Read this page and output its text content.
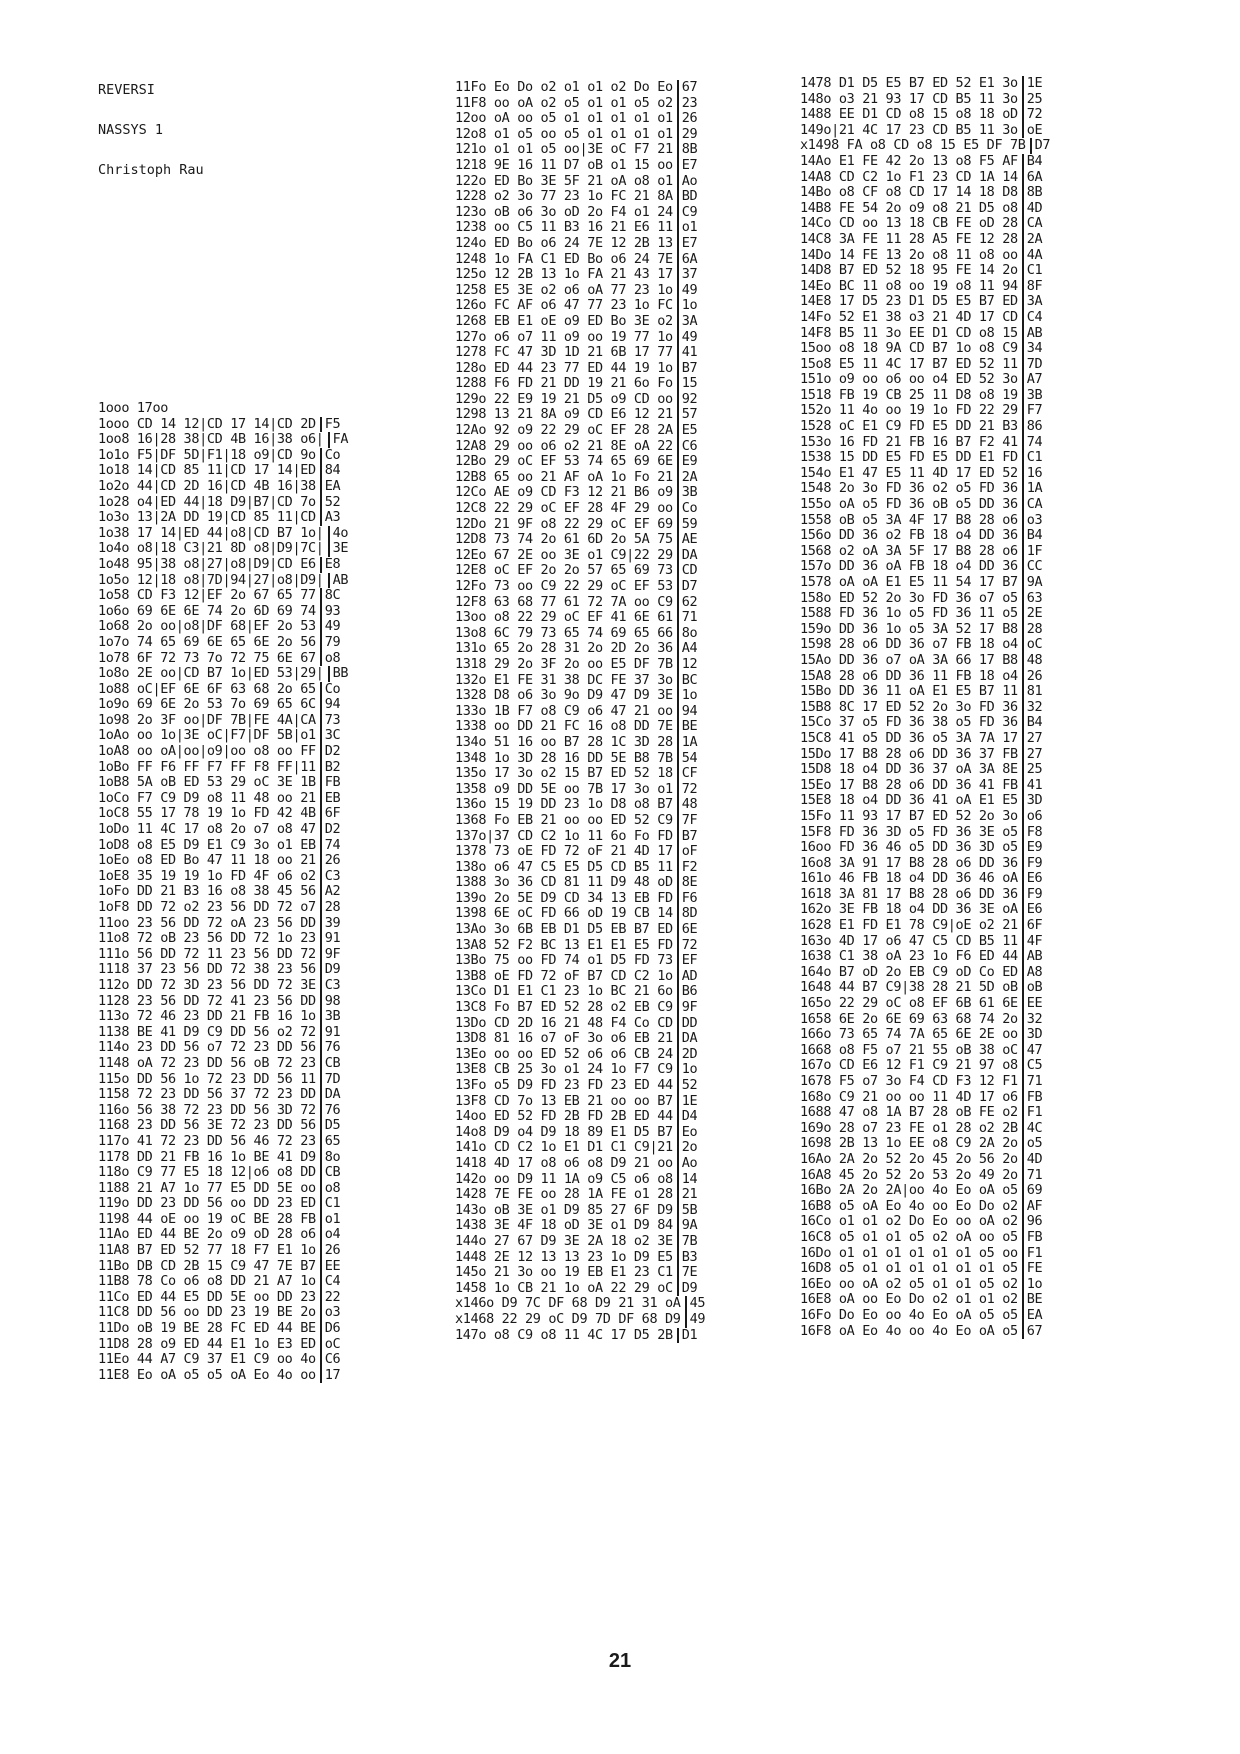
REVERSI
NASSYS 1
Christoph Rau
1ooo 17oo
1ooo CD 14 12|CD 17 14|CD 2D F5
1oo8 16|28 38|CD 4B 16|38 o6| FA
1o1o F5|DF 5D|F1|18 o9|CD 9o Co
1o18 14|CD 85 11|CD 17 14|ED 84
1o2o 44|CD 2D 16|CD 4B 16|38 EA
1o28 o4|ED 44|18 D9|B7|CD 7o 52
1o3o 13|2A DD 19|CD 85 11|CD A3
1o38 17 14|ED 44|o8|CD B7 1o| 4o
1o4o o8|18 C3|21 8D o8|D9|7C| 3E
1o48 95|38 o8|27|o8|D9|CD E6 E8
1o5o 12|18 o8|7D|94|27|o8|D9| AB
1o58 CD F3 12|EF 2o 67 65 77 8C
1o6o 69 6E 6E 74 2o 6D 69 74 93
1o68 2o oo|o8|DF 68|EF 2o 53 49
1o7o 74 65 69 6E 65 6E 2o 56 79
1o78 6F 72 73 7o 72 75 6E 67 o8
1o8o 2E oo|CD B7 1o|ED 53|29| BB
1o88 oC|EF 6E 6F 63 68 2o 65 Co
1o9o 69 6E 2o 53 7o 69 65 6C 94
1o98 2o 3F oo|DF 7B|FE 4A|CA 73
1oAo oo 1o|3E oC|F7|DF 5B|o1 3C
1oA8 oo oA|oo|o9|oo o8 oo FF D2
1oBo FF F6 FF F7 FF F8 FF|11 B2
1oB8 5A oB ED 53 29 oC 3E 1B FB
1oCo F7 C9 D9 o8 11 48 oo 21 EB
1oC8 55 17 78 19 1o FD 42 4B 6F
1oDo 11 4C 17 o8 2o o7 o8 47 D2
1oD8 o8 E5 D9 E1 C9 3o o1 EB 74
1oEo o8 ED Bo 47 11 18 oo 21 26
1oE8 35 19 19 1o FD 4F o6 o2 C3
1oFo DD 21 B3 16 o8 38 45 56 A2
1oF8 DD 72 o2 23 56 DD 72 o7 28
11oo 23 56 DD 72 oA 23 56 DD 39
11o8 72 oB 23 56 DD 72 1o 23 91
111o 56 DD 72 11 23 56 DD 72 9F
1118 37 23 56 DD 72 38 23 56 D9
112o DD 72 3D 23 56 DD 72 3E C3
1128 23 56 DD 72 41 23 56 DD 98
113o 72 46 23 DD 21 FB 16 1o 3B
1138 BE 41 D9 C9 DD 56 o2 72 91
114o 23 DD 56 o7 72 23 DD 56 76
1148 oA 72 23 DD 56 oB 72 23 CB
115o DD 56 1o 72 23 DD 56 11 7D
1158 72 23 DD 56 37 72 23 DD DA
116o 56 38 72 23 DD 56 3D 72 76
1168 23 DD 56 3E 72 23 DD 56 D5
117o 41 72 23 DD 56 46 72 23 65
1178 DD 21 FB 16 1o BE 41 D9 8o
118o C9 77 E5 18 12|o6 o8 DD CB
1188 21 A7 1o 77 E5 DD 5E oo o8
119o DD 23 DD 56 oo DD 23 ED C1
1198 44 oE oo 19 oC BE 28 FB o1
11Ao ED 44 BE 2o o9 oD 28 o6 o4
11A8 B7 ED 52 77 18 F7 E1 1o 26
11Bo DB CD 2B 15 C9 47 7E B7 EE
11B8 78 Co o6 o8 DD 21 A7 1o C4
11Co ED 44 E5 DD 5E oo DD 23 22
11C8 DD 56 oo DD 23 19 BE 2o o3
11Do oB 19 BE 28 FC ED 44 BE D6
11D8 28 o9 ED 44 E1 1o E3 ED oC
11Eo 44 A7 C9 37 E1 C9 oo 4o C6
11E8 Eo oA o5 o5 oA Eo 4o oo 17
11Fo Eo Do o2 o1 o1 o2 Do Eo 67
11F8 oo oA o2 o5 o1 o1 o5 o2 23
12oo oA oo o5 o1 o1 o1 o1 o1 26
12o8 o1 o5 oo o5 o1 o1 o1 o1 29
121o o1 o1 o5 oo|3E oC F7 21 8B
1218 9E 16 11 D7 oB o1 15 oo E7
122o ED Bo 3E 5F 21 oA o8 o1 Ao
1228 o2 3o 77 23 1o FC 21 8A BD
123o oB o6 3o oD 2o F4 o1 24 C9
1238 oo C5 11 B3 16 21 E6 11 o1
124o ED Bo o6 24 7E 12 2B 13 E7
1248 1o FA C1 ED Bo o6 24 7E 6A
125o 12 2B 13 1o FA 21 43 17 37
1258 E5 3E o2 o6 oA 77 23 1o 49
126o FC AF o6 47 77 23 1o FC 1o
1268 EB E1 oE o9 ED Bo 3E o2 3A
127o o6 o7 11 o9 oo 19 77 1o 49
1278 FC 47 3D 1D 21 6B 17 77 41
128o ED 44 23 77 ED 44 19 1o B7
1288 F6 FD 21 DD 19 21 6o Fo 15
129o 22 E9 19 21 D5 o9 CD oo 92
1298 13 21 8A o9 CD E6 12 21 57
12Ao 92 o9 22 29 oC EF 28 2A E5
12A8 29 oo o6 o2 21 8E oA 22 C6
12Bo 29 oC EF 53 74 65 69 6E E9
12B8 65 oo 21 AF oA 1o Fo 21 2A
12Co AE o9 CD F3 12 21 B6 o9 3B
12C8 22 29 oC EF 28 4F 29 oo Co
12Do 21 9F o8 22 29 oC EF 69 59
12D8 73 74 2o 61 6D 2o 5A 75 AE
12Eo 67 2E oo 3E o1 C9|22 29 DA
12E8 oC EF 2o 2o 57 65 69 73 CD
12Fo 73 oo C9 22 29 oC EF 53 D7
12F8 63 68 77 61 72 7A oo C9 62
13oo o8 22 29 oC EF 41 6E 61 71
13o8 6C 79 73 65 74 69 65 66 8o
131o 65 2o 28 31 2o 2D 2o 36 A4
1318 29 2o 3F 2o oo E5 DF 7B 12
132o E1 FE 31 38 DC FE 37 3o BC
1328 D8 o6 3o 9o D9 47 D9 3E 1o
133o 1B F7 o8 C9 o6 47 21 oo 94
1338 oo DD 21 FC 16 o8 DD 7E BE
134o 51 16 oo B7 28 1C 3D 28 1A
1348 1o 3D 28 16 DD 5E B8 7B 54
135o 17 3o o2 15 B7 ED 52 18 CF
1358 o9 DD 5E oo 7B 17 3o o1 72
136o 15 19 DD 23 1o D8 o8 B7 48
1368 Fo EB 21 oo oo ED 52 C9 7F
137o|37 CD C2 1o 11 6o Fo FD B7
1378 73 oE FD 72 oF 21 4D 17 oF
138o o6 47 C5 E5 D5 CD B5 11 F2
1388 3o 36 CD 81 11 D9 48 oD 8E
139o 2o 5E D9 CD 34 13 EB FD F6
1398 6E oC FD 66 oD 19 CB 14 8D
13Ao 3o 6B EB D1 D5 EB B7 ED 6E
13A8 52 F2 BC 13 E1 E1 E5 FD 72
13Bo 75 oo FD 74 o1 D5 FD 73 EF
13B8 oE FD 72 oF B7 CD C2 1o AD
13Co D1 E1 C1 23 1o BC 21 6o B6
13C8 Fo B7 ED 52 28 o2 EB C9 9F
13Do CD 2D 16 21 48 F4 Co CD DD
13D8 81 16 o7 oF 3o o6 EB 21 DA
13Eo oo oo ED 52 o6 o6 CB 24 2D
13E8 CB 25 3o o1 24 1o F7 C9 1o
13Fo o5 D9 FD 23 FD 23 ED 44 52
13F8 CD 7o 13 EB 21 oo oo B7 1E
14oo ED 52 FD 2B FD 2B ED 44 D4
14o8 D9 o4 D9 18 89 E1 D5 B7 Eo
141o CD C2 1o E1 D1 C1 C9|21 2o
1418 4D 17 o8 o6 o8 D9 21 oo Ao
142o oo D9 11 1A o9 C5 o6 o8 14
1428 7E FE oo 28 1A FE o1 28 21
143o oB 3E o1 D9 85 27 6F D9 5B
1438 3E 4F 18 oD 3E o1 D9 84 9A
144o 27 67 D9 3E 2A 18 o2 3E 7B
1448 2E 12 13 13 23 1o D9 E5 B3
145o 21 3o oo 19 EB E1 23 C1 7E
1458 1o CB 21 1o oA 22 29 oC D9
x146o D9 7C DF 68 D9 21 31 oA 45
x1468 22 29 oC D9 7D DF 68 D9 49
147o o8 C9 o8 11 4C 17 D5 2B D1
1478 D1 D5 E5 B7 ED 52 E1 3o 1E
148o o3 21 93 17 CD B5 11 3o 25
1488 EE D1 CD o8 15 o8 18 oD 72
149o|21 4C 17 23 CD B5 11 3o oE
x1498 FA o8 CD o8 15 E5 DF 7B D7
14Ao E1 FE 42 2o 13 o8 F5 AF B4
14A8 CD C2 1o F1 23 CD 1A 14 6A
14Bo o8 CF o8 CD 17 14 18 D8 8B
14B8 FE 54 2o o9 o8 21 D5 o8 4D
14Co CD oo 13 18 CB FE oD 28 CA
14C8 3A FE 11 28 A5 FE 12 28 2A
14Do 14 FE 13 2o o8 11 o8 oo 4A
14D8 B7 ED 52 18 95 FE 14 2o C1
14Eo BC 11 o8 oo 19 o8 11 94 8F
14E8 17 D5 23 D1 D5 E5 B7 ED 3A
14Fo 52 E1 38 o3 21 4D 17 CD C4
14F8 B5 11 3o EE D1 CD o8 15 AB
15oo o8 18 9A CD B7 1o o8 C9 34
15o8 E5 11 4C 17 B7 ED 52 11 7D
151o o9 oo o6 oo o4 ED 52 3o A7
1518 FB 19 CB 25 11 D8 o8 19 3B
152o 11 4o oo 19 1o FD 22 29 F7
1528 oC E1 C9 FD E5 DD 21 B3 86
153o 16 FD 21 FB 16 B7 F2 41 74
1538 15 DD E5 FD E5 DD E1 FD C1
154o E1 47 E5 11 4D 17 ED 52 16
1548 2o 3o FD 36 o2 o5 FD 36 1A
155o oA o5 FD 36 oB o5 DD 36 CA
1558 oB o5 3A 4F 17 B8 28 o6 o3
156o DD 36 o2 FB 18 o4 DD 36 B4
1568 o2 oA 3A 5F 17 B8 28 o6 1F
157o DD 36 oA FB 18 o4 DD 36 CC
1578 oA oA E1 E5 11 54 17 B7 9A
158o ED 52 2o 3o FD 36 o7 o5 63
1588 FD 36 1o o5 FD 36 11 o5 2E
159o DD 36 1o o5 3A 52 17 B8 28
1598 28 o6 DD 36 o7 FB 18 o4 oC
15Ao DD 36 o7 oA 3A 66 17 B8 48
15A8 28 o6 DD 36 11 FB 18 o4 26
15Bo DD 36 11 oA E1 E5 B7 11 81
15B8 8C 17 ED 52 2o 3o FD 36 32
15Co 37 o5 FD 36 38 o5 FD 36 B4
15C8 41 o5 DD 36 o5 3A 7A 17 27
15Do 17 B8 28 o6 DD 36 37 FB 27
15D8 18 o4 DD 36 37 oA 3A 8E 25
15Eo 17 B8 28 o6 DD 36 41 FB 41
15E8 18 o4 DD 36 41 oA E1 E5 3D
15Fo 11 93 17 B7 ED 52 2o 3o o6
15F8 FD 36 3D o5 FD 36 3E o5 F8
16oo FD 36 46 o5 DD 36 3D o5 E9
16o8 3A 91 17 B8 28 o6 DD 36 F9
161o 46 FB 18 o4 DD 36 46 oA E6
1618 3A 81 17 B8 28 o6 DD 36 F9
162o 3E FB 18 o4 DD 36 3E oA E6
1628 E1 FD E1 78 C9|oE o2 21 6F
163o 4D 17 o6 47 C5 CD B5 11 4F
1638 C1 38 oA 23 1o F6 ED 44 AB
164o B7 oD 2o EB C9 oD Co ED A8
1648 44 B7 C9|38 28 21 5D oB oB
165o 22 29 oC o8 EF 6B 61 6E EE
1658 6E 2o 6E 69 63 68 74 2o 32
166o 73 65 74 7A 65 6E 2E oo 3D
1668 o8 F5 o7 21 55 oB 38 oC 47
167o CD E6 12 F1 C9 21 97 o8 C5
1678 F5 o7 3o F4 CD F3 12 F1 71
168o C9 21 oo oo 11 4D 17 o6 FB
1688 47 o8 1A B7 28 oB FE o2 F1
169o 28 o7 23 FE o1 28 o2 2B 4C
1698 2B 13 1o EE o8 C9 2A 2o o5
16Ao 2A 2o 52 2o 45 2o 56 2o 4D
16A8 45 2o 52 2o 53 2o 49 2o 71
16Bo 2A 2o 2A|oo 4o Eo oA o5 69
16B8 o5 oA Eo 4o oo Eo Do o2 AF
16Co o1 o1 o2 Do Eo oo oA o2 96
16C8 o5 o1 o1 o5 o2 oA oo o5 FB
16Do o1 o1 o1 o1 o1 o1 o5 oo F1
16D8 o5 o1 o1 o1 o1 o1 o1 o5 FE
16Eo oo oA o2 o5 o1 o1 o5 o2 1o
16E8 oA oo Eo Do o2 o1 o1 o2 BE
16Fo Do Eo oo 4o Eo oA o5 o5 EA
16F8 oA Eo 4o oo 4o Eo oA o5 67
21
